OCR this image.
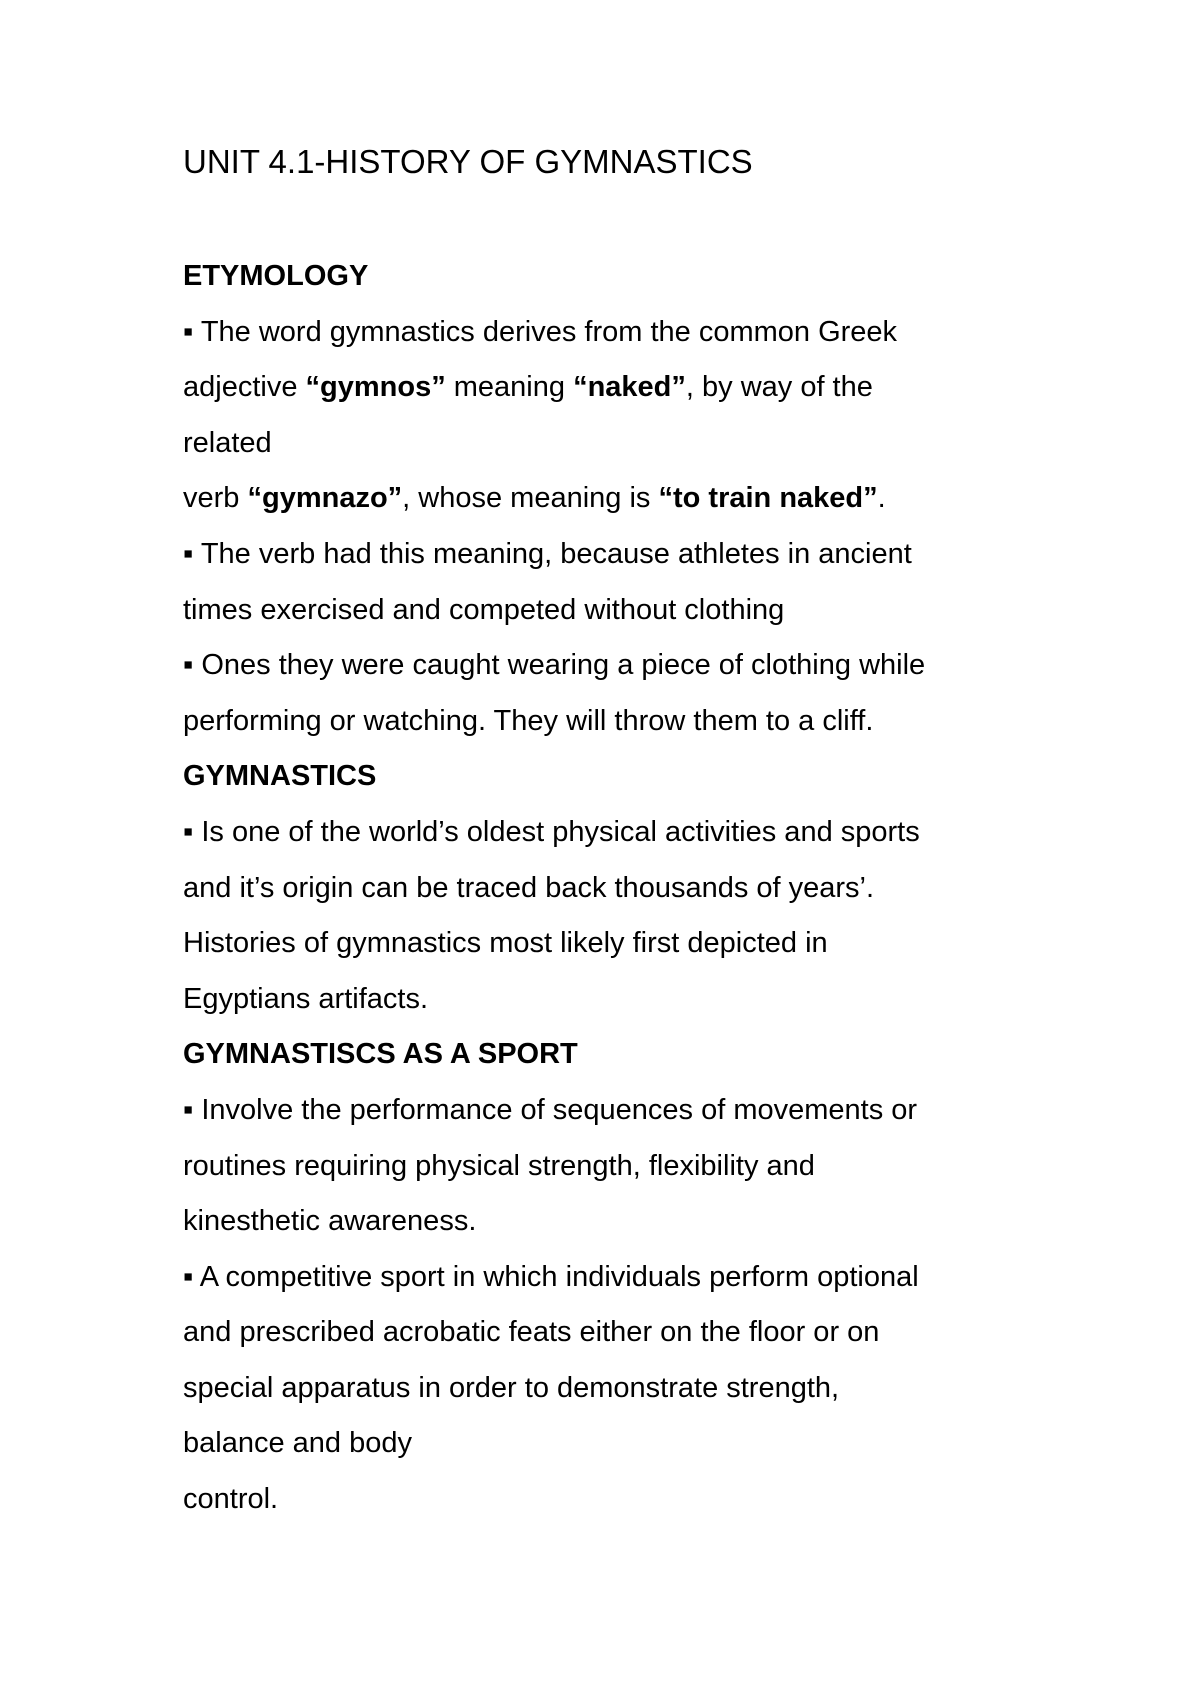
UNIT 4.1-HISTORY OF GYMNASTICS
ETYMOLOGY
▪ The word gymnastics derives from the common Greek
adjective “gymnos” meaning “naked”, by way of the
related
verb “gymnazo”, whose meaning is “to train naked”.
▪ The verb had this meaning, because athletes in ancient
times exercised and competed without clothing
▪ Ones they were caught wearing a piece of clothing while
performing or watching. They will throw them to a cliff.
GYMNASTICS
▪ Is one of the world’s oldest physical activities and sports
and it’s origin can be traced back thousands of years’.
Histories of gymnastics most likely first depicted in
Egyptians artifacts.
GYMNASTISCS AS A SPORT
▪ Involve the performance of sequences of movements or
routines requiring physical strength, flexibility and
kinesthetic awareness.
▪ A competitive sport in which individuals perform optional
and prescribed acrobatic feats either on the floor or on
special apparatus in order to demonstrate strength,
balance and body
control.
